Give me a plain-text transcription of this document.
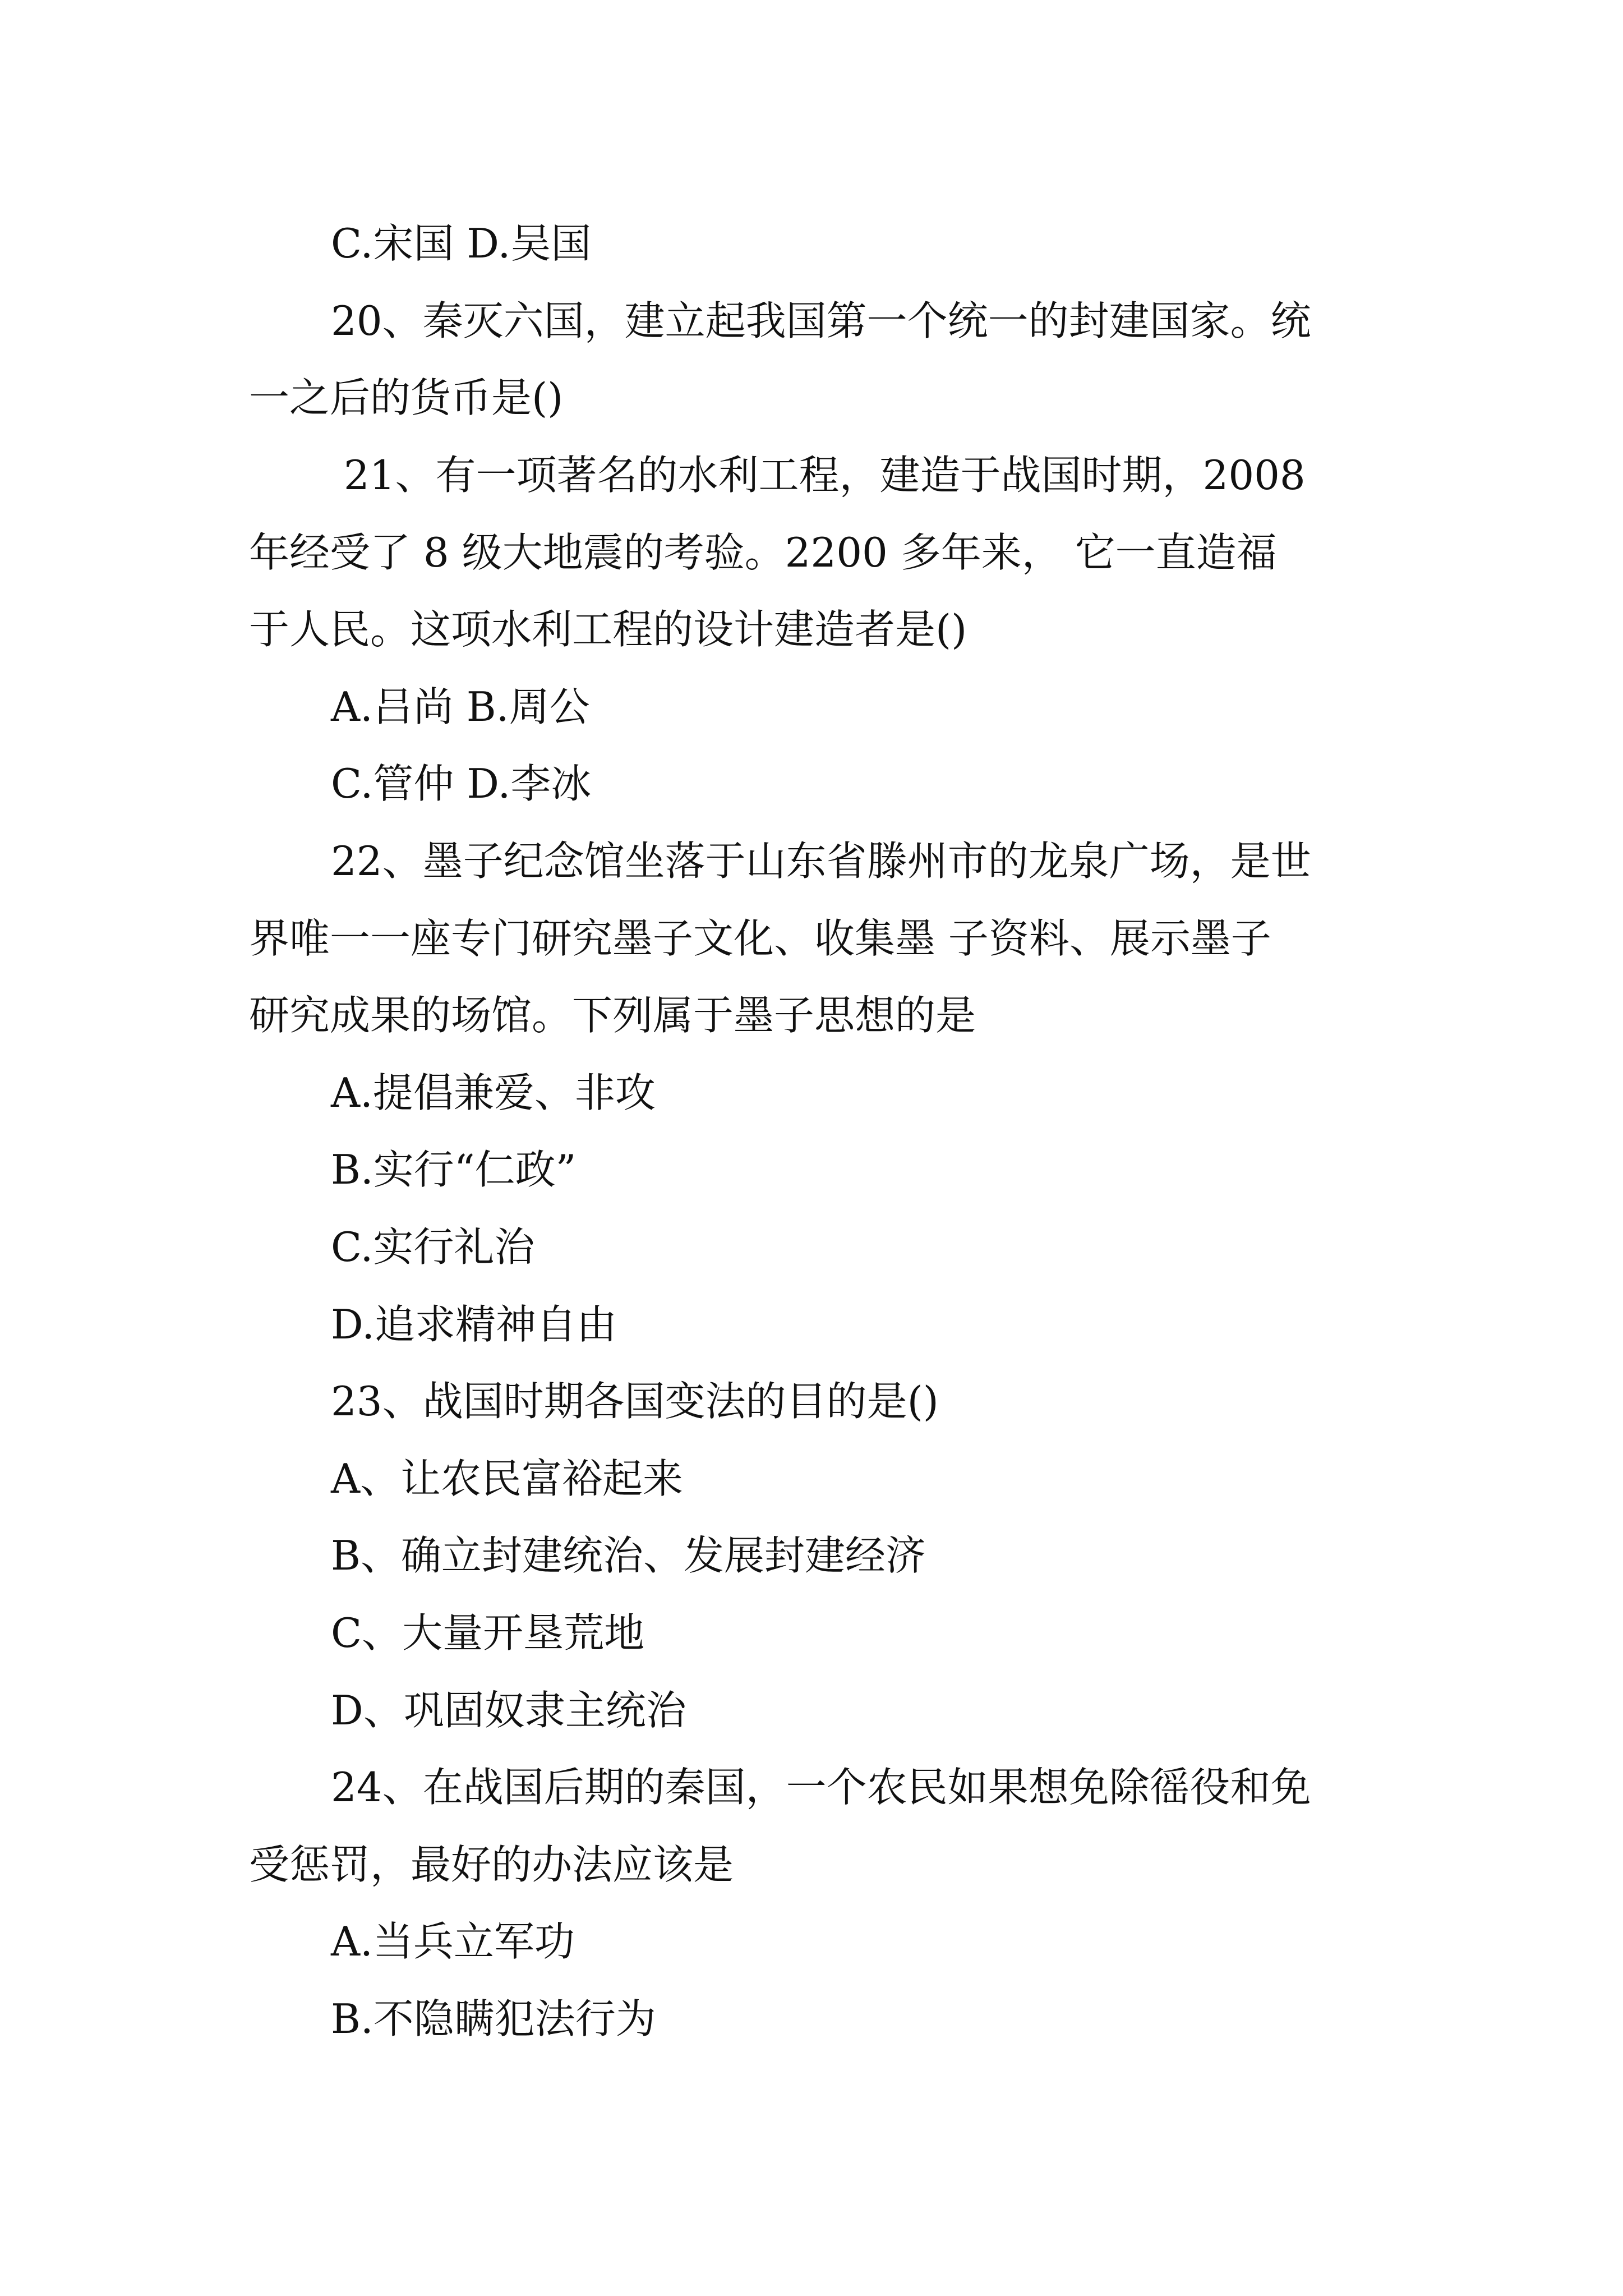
C.宋国 D.吴国
20、秦灭六国，建立起我国第一个统一的封建国家。统
一之后的货币是()
21、有一项著名的水利工程，建造于战国时期，2008
年经受了 8 级大地震的考验。2200 多年来， 它一直造福
于人民。这项水利工程的设计建造者是()
A.吕尚 B.周公
C.管仲 D.李冰
22、墨子纪念馆坐落于山东省滕州市的龙泉广场，是世
界唯一一座专门研究墨子文化、收集墨 子资料、展示墨子
研究成果的场馆。下列属于墨子思想的是
A.提倡兼爱、非攻
B.实行“仁政”
C.实行礼治
D.追求精神自由
23、战国时期各国变法的目的是()
A、让农民富裕起来
B、确立封建统治、发展封建经济
C、大量开垦荒地
D、巩固奴隶主统治
24、在战国后期的秦国，一个农民如果想免除徭役和免
受惩罚，最好的办法应该是
A.当兵立军功
B.不隐瞒犯法行为
